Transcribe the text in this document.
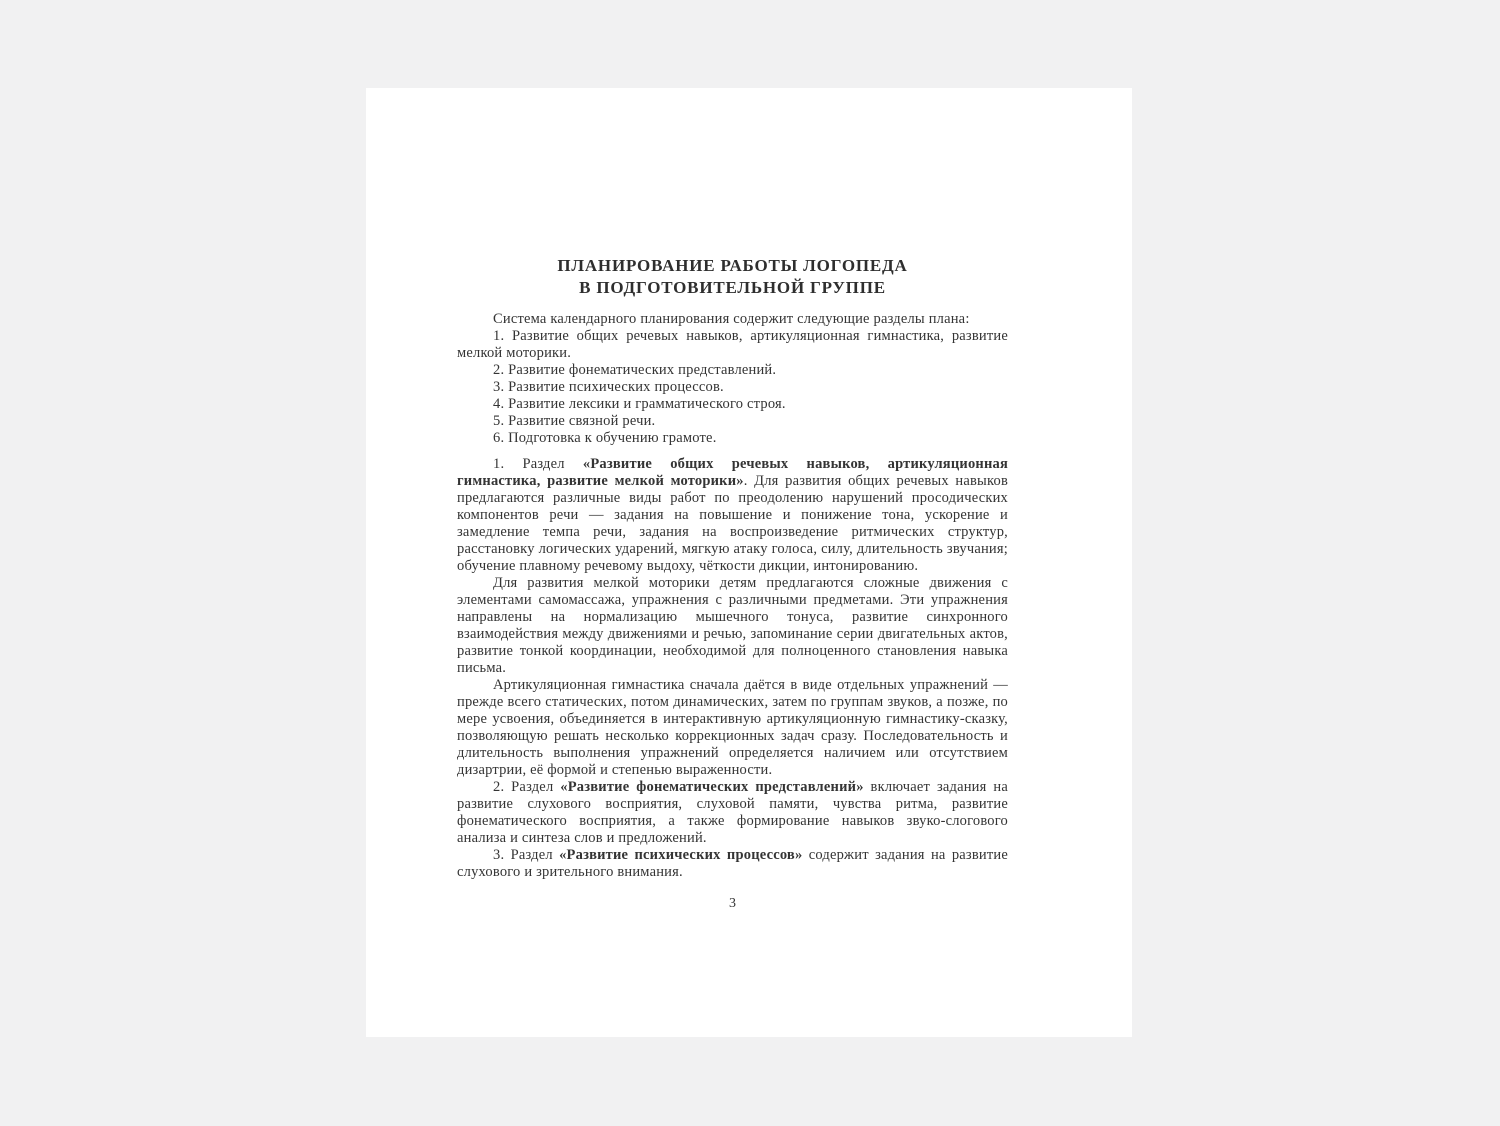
ПЛАНИРОВАНИЕ РАБОТЫ ЛОГОПЕДА
В ПОДГОТОВИТЕЛЬНОЙ ГРУППЕ

Система календарного планирования содержит следующие разделы плана:

1. Развитие общих речевых навыков, артикуляционная гимнастика, развитие мелкой моторики.

2. Развитие фонематических представлений.

3. Развитие психических процессов.

4. Развитие лексики и грамматического строя.

5. Развитие связной речи.

6. Подготовка к обучению грамоте.

1. Раздел «Развитие общих речевых навыков, артикуляционная гимнастика, развитие мелкой моторики». Для развития общих речевых навыков предлагаются различные виды работ по преодолению нарушений просодических компонентов речи — задания на повышение и понижение тона, ускорение и замедление темпа речи, задания на воспроизведение ритмических структур, расстановку логических ударений, мягкую атаку голоса, силу, длительность звучания; обучение плавному речевому выдоху, чёткости дикции, интонированию.

Для развития мелкой моторики детям предлагаются сложные движения с элементами самомассажа, упражнения с различными предметами. Эти упражнения направлены на нормализацию мышечного тонуса, развитие синхронного взаимодействия между движениями и речью, запоминание серии двигательных актов, развитие тонкой координации, необходимой для полноценного становления навыка письма.

Артикуляционная гимнастика сначала даётся в виде отдельных упражнений — прежде всего статических, потом динамических, затем по группам звуков, а позже, по мере усвоения, объединяется в интерактивную артикуляционную гимнастику-сказку, позволяющую решать несколько коррекционных задач сразу. Последовательность и длительность выполнения упражнений определяется наличием или отсутствием дизартрии, её формой и степенью выраженности.

2. Раздел «Развитие фонематических представлений» включает задания на развитие слухового восприятия, слуховой памяти, чувства ритма, развитие фонематического восприятия, а также формирование навыков звуко-слогового анализа и синтеза слов и предложений.

3. Раздел «Развитие психических процессов» содержит задания на развитие слухового и зрительного внимания.

3
